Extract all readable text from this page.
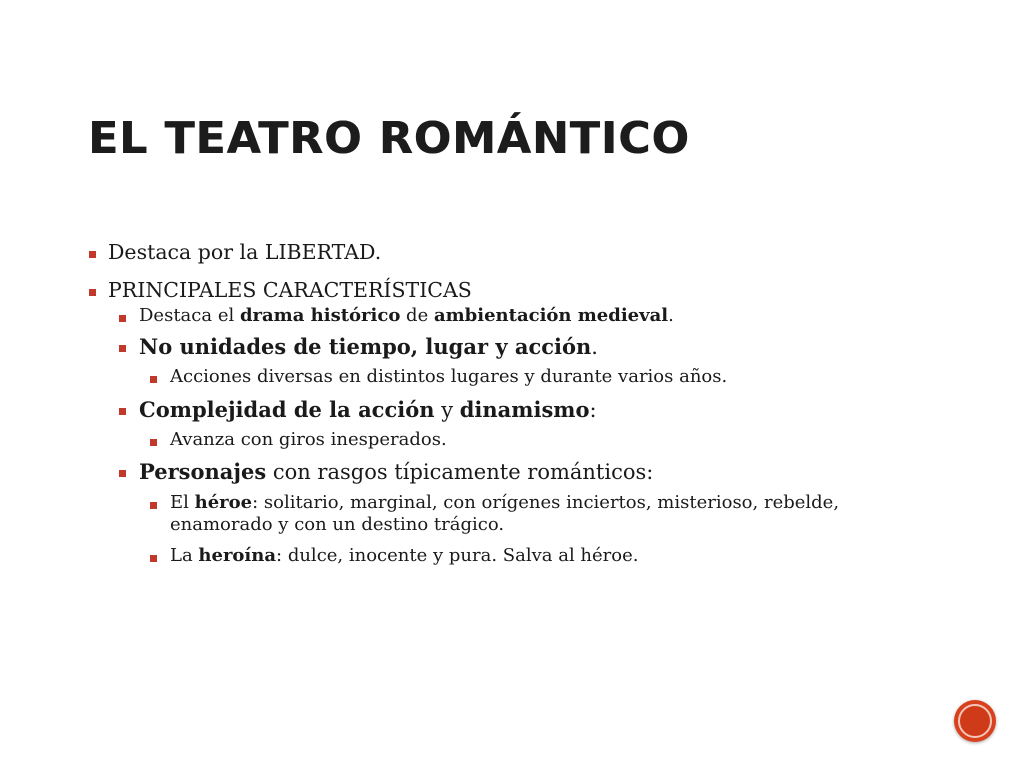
EL TEATRO ROMÁNTICO
Destaca por la LIBERTAD.
PRINCIPALES CARACTERÍSTICAS
Destaca el drama histórico de ambientación medieval.
No unidades de tiempo, lugar y acción.
Acciones diversas en distintos lugares y durante varios años.
Complejidad de la acción y dinamismo:
Avanza con giros inesperados.
Personajes con rasgos típicamente románticos:
El héroe: solitario, marginal, con orígenes inciertos, misterioso, rebelde, enamorado y con un destino trágico.
La heroína: dulce, inocente y pura. Salva al héroe.
